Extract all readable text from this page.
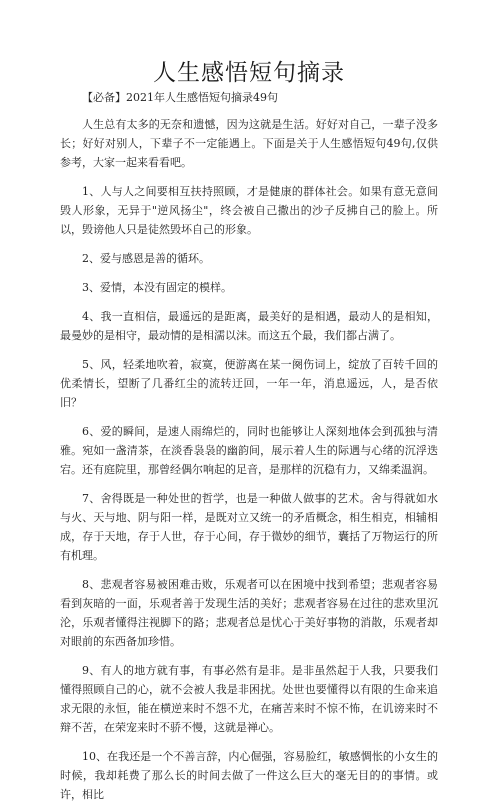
人生感悟短句摘录

【必备】2021年人生感悟短句摘录49句

人生总有太多的无奈和遗憾，因为这就是生活。好好对自己，一辈子没多长；好好对别人，下辈子不一定能遇上。下面是关于人生感悟短句49句,仅供参考，大家一起来看看吧。

1、人与人之间要相互扶持照顾，才是健康的群体社会。如果有意无意间毁人形象，无异于"逆风扬尘"，终会被自己撒出的沙子反拂自己的脸上。所以，毁谤他人只是徒然毁坏自己的形象。

2、爱与感恩是善的循环。

3、爱情，本没有固定的模样。

4、我一直相信，最遥远的是距离，最美好的是相遇，最动人的是相知，最曼妙的是相守，最动情的是相濡以沫。而这五个最，我们都占满了。

5、风，轻柔地吹着，寂寞，便游离在某一阕伤词上，绽放了百转千回的优柔情长，望断了几番红尘的流转迂回，一年一年，消息遥远，人，是否依旧？

6、爱的瞬间，是速人雨绵烂的，同时也能够让人深刻地体会到孤独与清雅。宛如一盏清茶，在淡香袅袅的幽韵间，展示着人生的际遇与心绪的沉浮迭宕。还有庭院里，那曾经偶尔响起的足音，是那样的沉稳有力，又绵柔温润。

7、舍得既是一种处世的哲学，也是一种做人做事的艺术。舍与得就如水与火、天与地、阴与阳一样，是既对立又统一的矛盾概念，相生相克，相辅相成，存于天地，存于人世，存于心间，存于微妙的细节，囊括了万物运行的所有机理。

8、悲观者容易被困难击败，乐观者可以在困境中找到希望；悲观者容易看到灰暗的一面，乐观者善于发现生活的美好；悲观者容易在过往的悲欢里沉沦，乐观者懂得注视脚下的路；悲观者总是忧心于美好事物的消散，乐观者却对眼前的东西备加珍惜。

9、有人的地方就有事，有事必然有是非。是非虽然起于人我，只要我们懂得照顾自己的心，就不会被人我是非困扰。处世也要懂得以有限的生命来追求无限的永恒，能在横逆来时不怨不尤，在痛苦来时不惊不怖，在讥谤来时不辩不苦，在荣宠来时不骄不慢，这就是禅心。

10、在我还是一个不善言辞，内心倔强，容易脸红，敏感惆怅的小女生的时候，我却耗费了那么长的时间去做了一件这么巨大的毫无目的的事情。或许，相比
